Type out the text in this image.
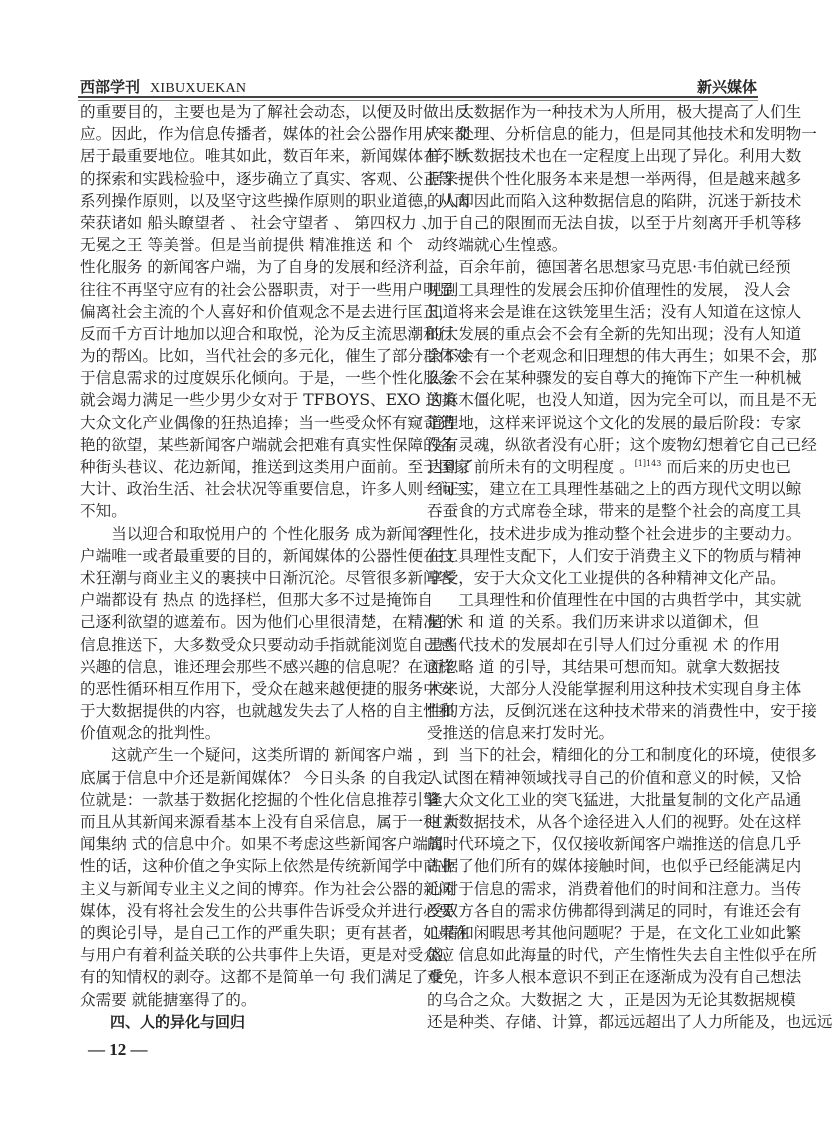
西部学刊 XIBUXUEKAN	新兴媒体
的重要目的，主要也是为了解社会动态，以便及时做出反
应。因此，作为信息传播者，媒体的社会公器作用从来都
居于最重要地位。唯其如此，数百年来，新闻媒体在不断
的探索和实践检验中，逐步确立了真实、客观、公正等一
系列操作原则，以及坚守这些操作原则的职业道德，从而
荣获诸如 船头瞭望者 、 社会守望者 、 第四权力 、
无冕之王 等美誉。但是当前提供 精准推送 和 个
性化服务 的新闻客户端，为了自身的发展和经济利益，
往往不再坚守应有的社会公器职责，对于一些用户明显
偏离社会主流的个人喜好和价值观念不是去进行匡正，
反而千方百计地加以迎合和取悦，沦为反主流思潮和行
为的帮凶。比如，当代社会的多元化，催生了部分群体对
于信息需求的过度娱乐化倾向。于是，一些个性化服务
就会竭力满足一些少男少女对于 TFBOYS、EXO 这类
大众文化产业偶像的狂热追捧；当一些受众怀有窥奇猎
艳的欲望，某些新闻客户端就会把难有真实性保障的各
种街头巷议、花边新闻，推送到这类用户面前。至于国家
大计、政治生活、社会状况等重要信息，许多人则一问三
不知。
当以迎合和取悦用户的 个性化服务 成为新闻客
户端唯一或者最重要的目的，新闻媒体的公器性便在技
术狂潮与商业主义的裹挟中日渐沉沦。尽管很多新闻客
户端都设有 热点 的选择栏，但那大多不过是掩饰自
己逐利欲望的遮羞布。因为他们心里很清楚，在精准的
信息推送下，大多数受众只要动动手指就能浏览自己感
兴趣的信息，谁还理会那些不感兴趣的信息呢？在这样
的恶性循环相互作用下，受众在越来越便捷的服务中安
于大数据提供的内容，也就越发失去了人格的自主性和
价值观念的批判性。
这就产生一个疑问，这类所谓的 新闻客户端 ，到
底属于信息中介还是新闻媒体？ 今日头条 的自我定
位就是：一款基于数据化挖掘的个性化信息推荐引擎 ，
而且从其新闻来源看基本上没有自采信息，属于一种 新
闻集纳 式的信息中介。如果不考虑这些新闻客户端属
性的话，这种价值之争实际上依然是传统新闻学中商业
主义与新闻专业主义之间的博弈。作为社会公器的新闻
媒体，没有将社会发生的公共事件告诉受众并进行必要
的舆论引导，是自己工作的严重失职；更有甚者，如果在
与用户有着利益关联的公共事件上失语，更是对受众应
有的知情权的剥夺。这都不是简单一句 我们满足了受
众需要 就能搪塞得了的。
四、人的异化与回归
大数据作为一种技术为人所用，极大提高了人们生
产、处理、分析信息的能力，但是同其他技术和发明物一
样，大数据技术也在一定程度上出现了异化。利用大数
据来提供个性化服务本来是想一举两得，但是越来越多
的人却因此而陷入这种数据信息的陷阱，沉迷于新技术
加于自己的限囿而无法自拔，以至于片刻离开手机等移
动终端就心生惶惑。
百余年前，德国著名思想家马克思·韦伯就已经预
见到工具理性的发展会压抑价值理性的发展， 没人会
知道将来会是谁在这铁笼里生活；没有人知道在这惊人
的大发展的重点会不会有全新的先知出现；没有人知道
会不会有一个老观念和旧理想的伟大再生；如果不会，那
么会不会在某种骤发的妄自尊大的掩饰下产生一种机械
的麻木僵化呢，也没人知道，因为完全可以，而且是不无
道理地，这样来评说这个文化的发展的最后阶段：专家
没有灵魂，纵欲者没有心肝；这个废物幻想着它自己已经
达到了前所未有的文明程度 。$^{[1]143}$ 而后来的历史也已
经证实，建立在工具理性基础之上的西方现代文明以鲸
吞蚕食的方式席卷全球，带来的是整个社会的高度工具
理性化，技术进步成为推动整个社会进步的主要动力。
在工具理性支配下，人们安于消费主义下的物质与精神
享受，安于大众文化工业提供的各种精神文化产品。
工具理性和价值理性在中国的古典哲学中，其实就
是 术 和 道 的关系。我们历来讲求以道御术，但
是当代技术的发展却在引导人们过分重视 术 的作用
而忽略 道 的引导，其结果可想而知。就拿大数据技
术来说，大部分人没能掌握利用这种技术实现自身主体
性的方法，反倒沉迷在这种技术带来的消费性中，安于接
受推送的信息来打发时光。
当下的社会，精细化的分工和制度化的环境，使很多
人试图在精神领域找寻自己的价值和意义的时候，又恰
逢大众文化工业的突飞猛进，大批量复制的文化产品通
过大数据技术，从各个途径进入人们的视野。处在这样
的时代环境之下，仅仅接收新闻客户端推送的信息几乎
占据了他们所有的媒体接触时间，也似乎已经能满足内
心对于信息的需求，消费着他们的时间和注意力。当传
受双方各自的需求仿佛都得到满足的同时，有谁还会有
心情和闲暇思考其他问题呢？于是，在文化工业如此繁
盛、信息如此海量的时代，产生惰性失去自主性似乎在所
难免，许多人根本意识不到正在逐渐成为没有自己想法
的乌合之众。大数据之 大 ，正是因为无论其数据规模
还是种类、存储、计算，都远远超出了人力所能及，也远远
— 12 —
